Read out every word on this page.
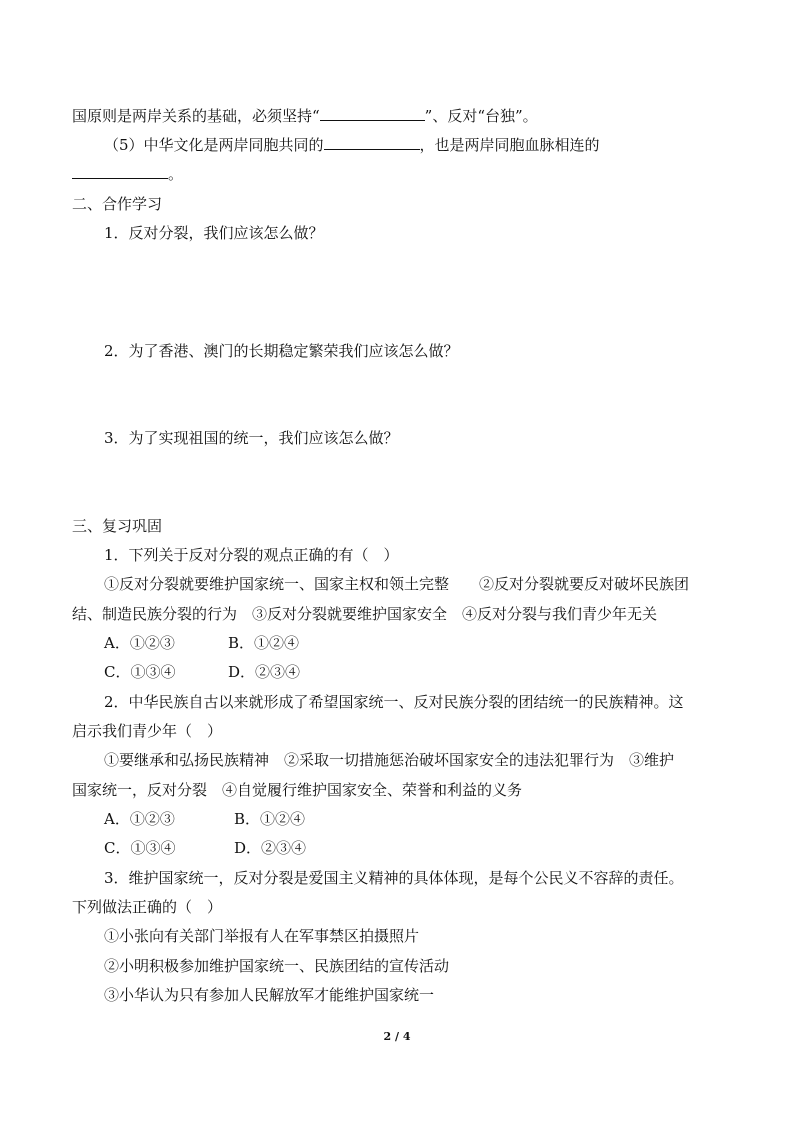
国原则是两岸关系的基础，必须坚持“	”、反对“台独”。
（5）中华文化是两岸同胞共同的	，也是两岸同胞血脉相连的
。
二、合作学习
1．反对分裂，我们应该怎么做？
2．为了香港、澳门的长期稳定繁荣我们应该怎么做？
3．为了实现祖国的统一，我们应该怎么做？
三、复习巩固
1．下列关于反对分裂的观点正确的有（　）
①反对分裂就要维护国家统一、国家主权和领土完整　　②反对分裂就要反对破坏民族团
结、制造民族分裂的行为　③反对分裂就要维护国家安全　④反对分裂与我们青少年无关
A．①②③	B．①②④
C．①③④	D．②③④
2．中华民族自古以来就形成了希望国家统一、反对民族分裂的团结统一的民族精神。这
启示我们青少年（　）
①要继承和弘扬民族精神　②采取一切措施惩治破坏国家安全的违法犯罪行为　③维护
国家统一，反对分裂　④自觉履行维护国家安全、荣誉和利益的义务
A．①②③	B．①②④
C．①③④	D．②③④
3．维护国家统一，反对分裂是爱国主义精神的具体体现，是每个公民义不容辞的责任。
下列做法正确的（　）
①小张向有关部门举报有人在军事禁区拍摄照片
②小明积极参加维护国家统一、民族团结的宣传活动
③小华认为只有参加人民解放军才能维护国家统一
2 / 4
